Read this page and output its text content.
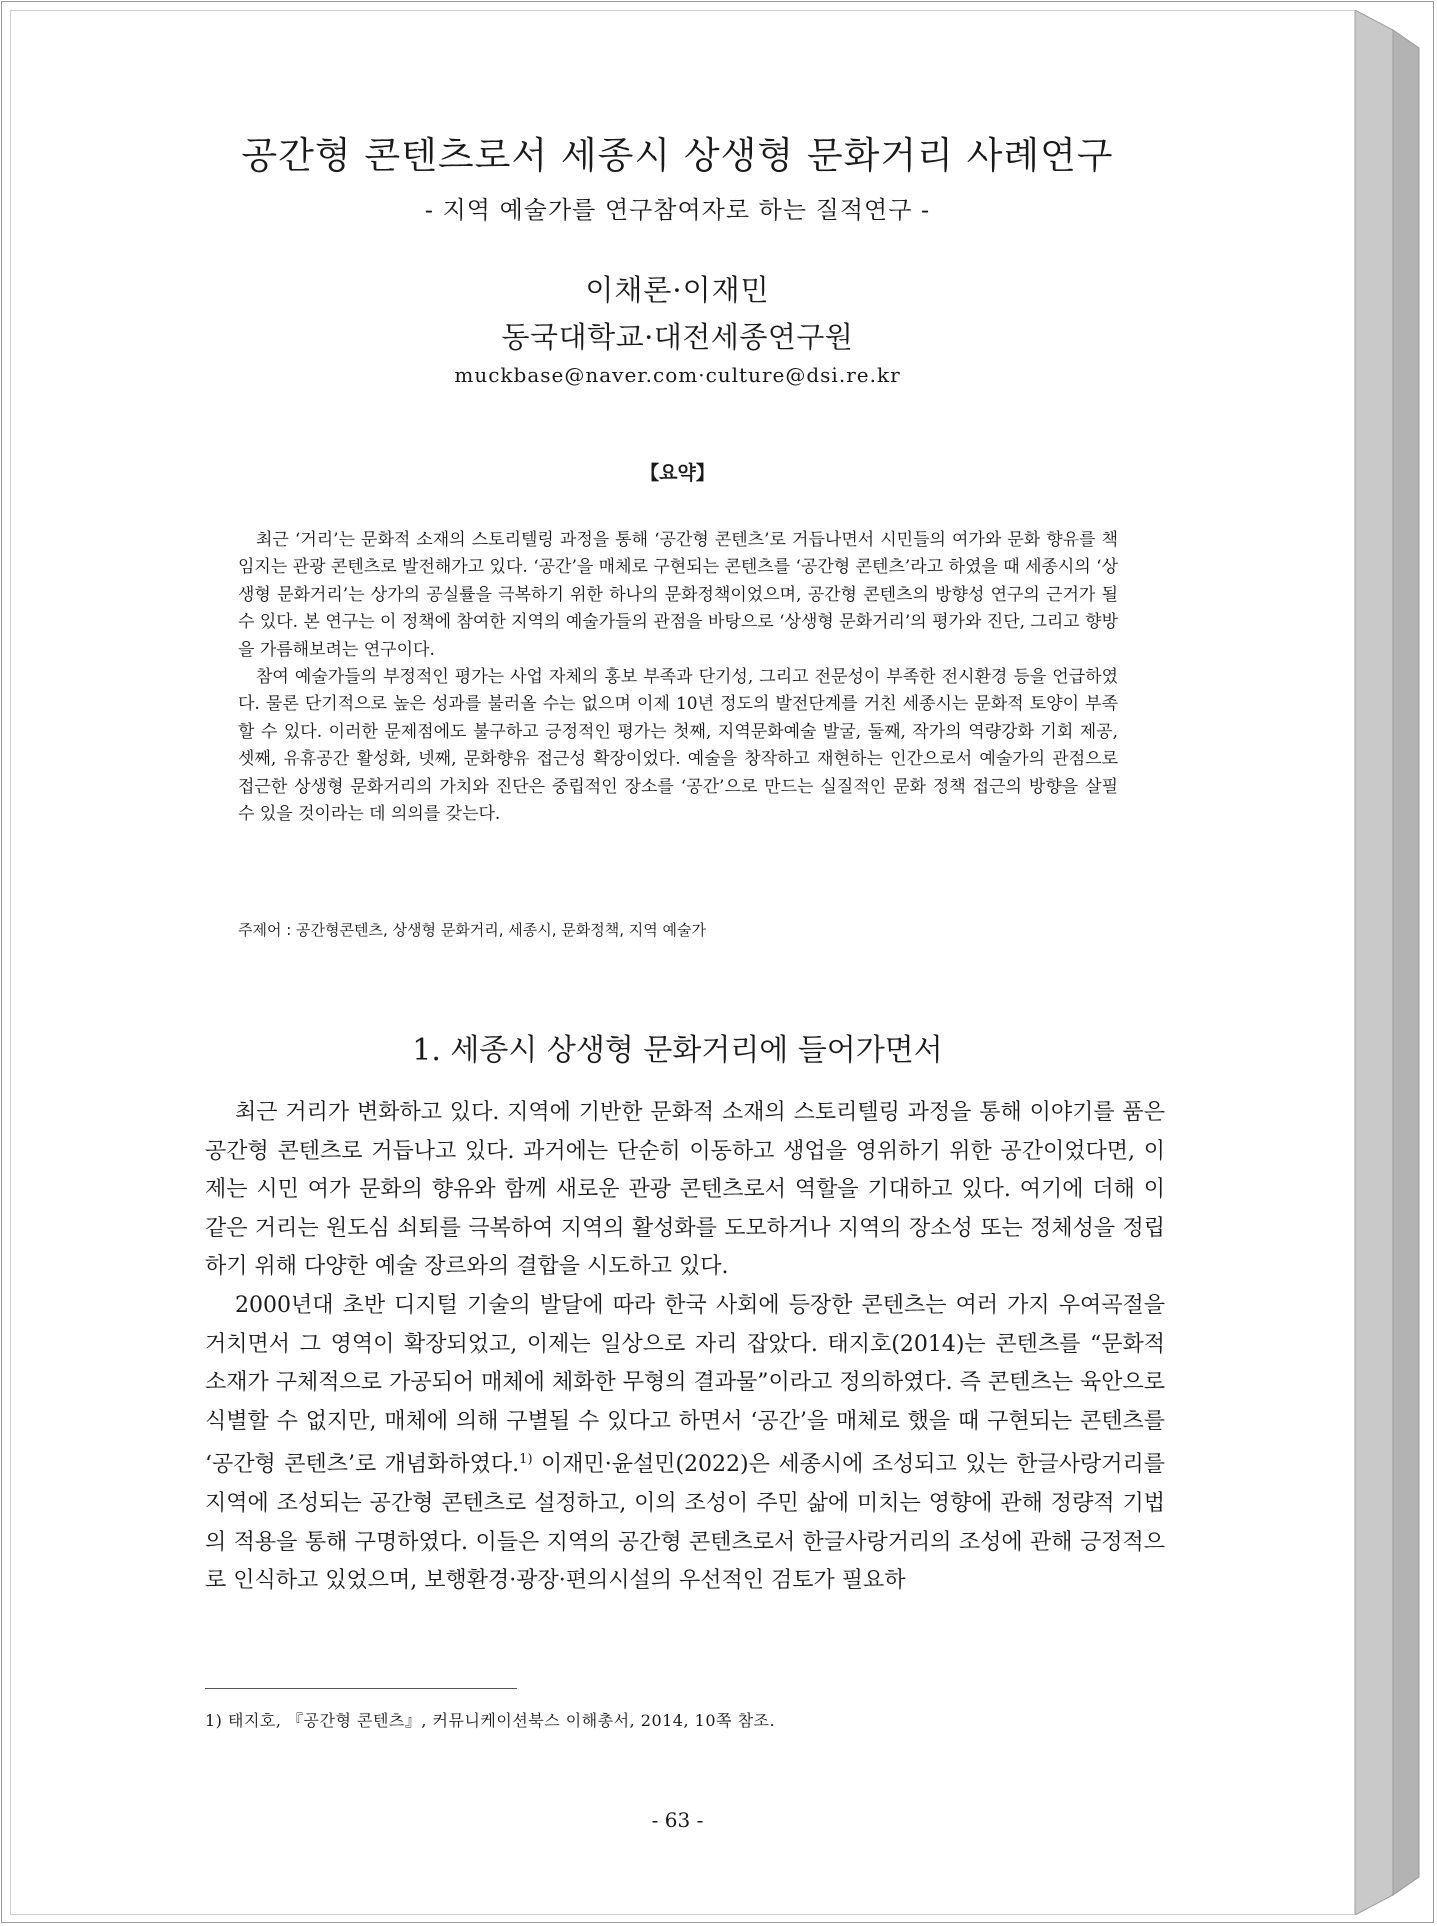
공간형 콘텐츠로서 세종시 상생형 문화거리 사례연구
- 지역 예술가를 연구참여자로 하는 질적연구 -
이채론·이재민
동국대학교·대전세종연구원
muckbase@naver.com·culture@dsi.re.kr
【요약】

최근 ‘거리’는 문화적 소재의 스토리텔링 과정을 통해 ‘공간형 콘텐츠’로 거듭나면서 시민들의 여가와 문화 향유를 책임지는 관광 콘텐츠로 발전해가고 있다. ‘공간’을 매체로 구현되는 콘텐츠를 ‘공간형 콘텐츠’라고 하였을 때 세종시의 ‘상생형 문화거리’는 상가의 공실률을 극복하기 위한 하나의 문화정책이었으며, 공간형 콘텐츠의 방향성 연구의 근거가 될 수 있다. 본 연구는 이 정책에 참여한 지역의 예술가들의 관점을 바탕으로 ‘상생형 문화거리’의 평가와 진단, 그리고 향방을 가름해보려는 연구이다.

참여 예술가들의 부정적인 평가는 사업 자체의 홍보 부족과 단기성, 그리고 전문성이 부족한 전시환경 등을 언급하였다. 물론 단기적으로 높은 성과를 불러올 수는 없으며 이제 10년 정도의 발전단계를 거친 세종시는 문화적 토양이 부족할 수 있다. 이러한 문제점에도 불구하고 긍정적인 평가는 첫째, 지역문화예술 발굴, 둘째, 작가의 역량강화 기회 제공, 셋째, 유휴공간 활성화, 넷째, 문화향유 접근성 확장이었다. 예술을 창작하고 재현하는 인간으로서 예술가의 관점으로 접근한 상생형 문화거리의 가치와 진단은 중립적인 장소를 ‘공간’으로 만드는 실질적인 문화 정책 접근의 방향을 살필 수 있을 것이라는 데 의의를 갖는다.

주제어 : 공간형콘텐츠, 상생형 문화거리, 세종시, 문화정책, 지역 예술가
1. 세종시 상생형 문화거리에 들어가면서

최근 거리가 변화하고 있다. 지역에 기반한 문화적 소재의 스토리텔링 과정을 통해 이야기를 품은 공간형 콘텐츠로 거듭나고 있다. 과거에는 단순히 이동하고 생업을 영위하기 위한 공간이었다면, 이제는 시민 여가 문화의 향유와 함께 새로운 관광 콘텐츠로서 역할을 기대하고 있다. 여기에 더해 이 같은 거리는 원도심 쇠퇴를 극복하여 지역의 활성화를 도모하거나 지역의 장소성 또는 정체성을 정립하기 위해 다양한 예술 장르와의 결합을 시도하고 있다.

2000년대 초반 디지털 기술의 발달에 따라 한국 사회에 등장한 콘텐츠는 여러 가지 우여곡절을 거치면서 그 영역이 확장되었고, 이제는 일상으로 자리 잡았다. 태지호(2014)는 콘텐츠를 “문화적 소재가 구체적으로 가공되어 매체에 체화한 무형의 결과물”이라고 정의하였다. 즉 콘텐츠는 육안으로 식별할 수 없지만, 매체에 의해 구별될 수 있다고 하면서 ‘공간’을 매체로 했을 때 구현되는 콘텐츠를 ‘공간형 콘텐츠’로 개념화하였다.$^{1)}$ 이재민·윤설민(2022)은 세종시에 조성되고 있는 한글사랑거리를 지역에 조성되는 공간형 콘텐츠로 설정하고, 이의 조성이 주민 삶에 미치는 영향에 관해 정량적 기법의 적용을 통해 구명하였다. 이들은 지역의 공간형 콘텐츠로서 한글사랑거리의 조성에 관해 긍정적으로 인식하고 있었으며, 보행환경·광장·편의시설의 우선적인 검토가 필요하

1) 태지호, 『공간형 콘텐츠』, 커뮤니케이션북스 이해총서, 2014, 10쪽 참조.
- 63 -
